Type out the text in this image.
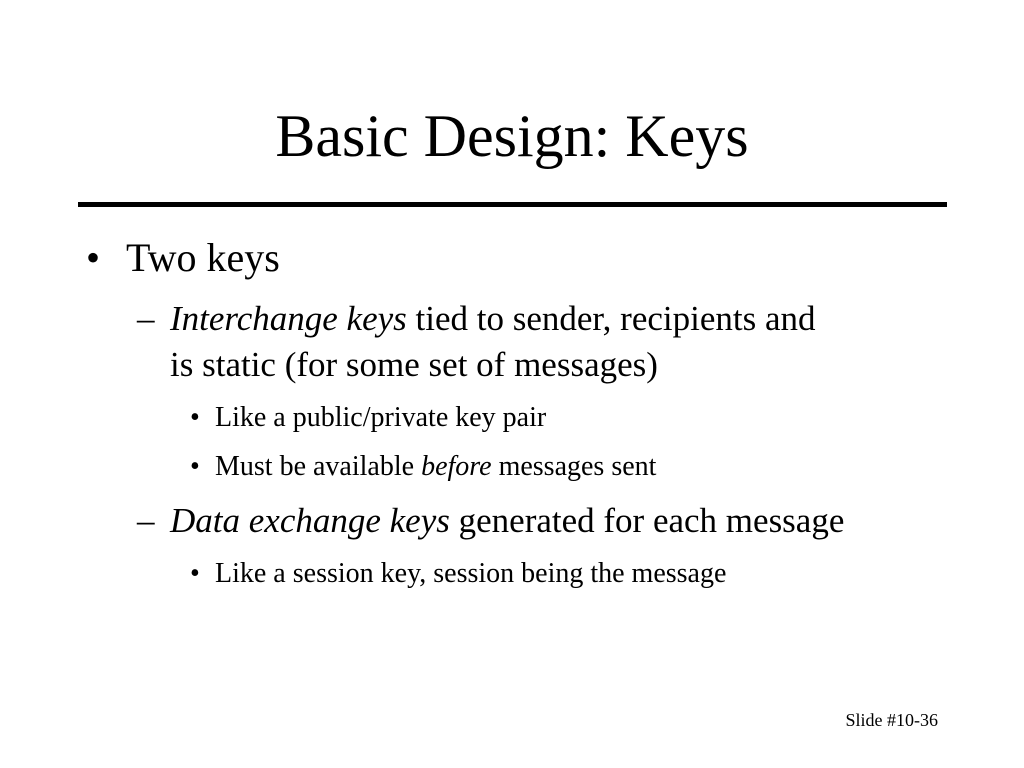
Basic Design: Keys
• Two keys
– Interchange keys tied to sender, recipients and
is static (for some set of messages)
• Like a public/private key pair
• Must be available before messages sent
– Data exchange keys generated for each message
• Like a session key, session being the message
Slide #10-36
